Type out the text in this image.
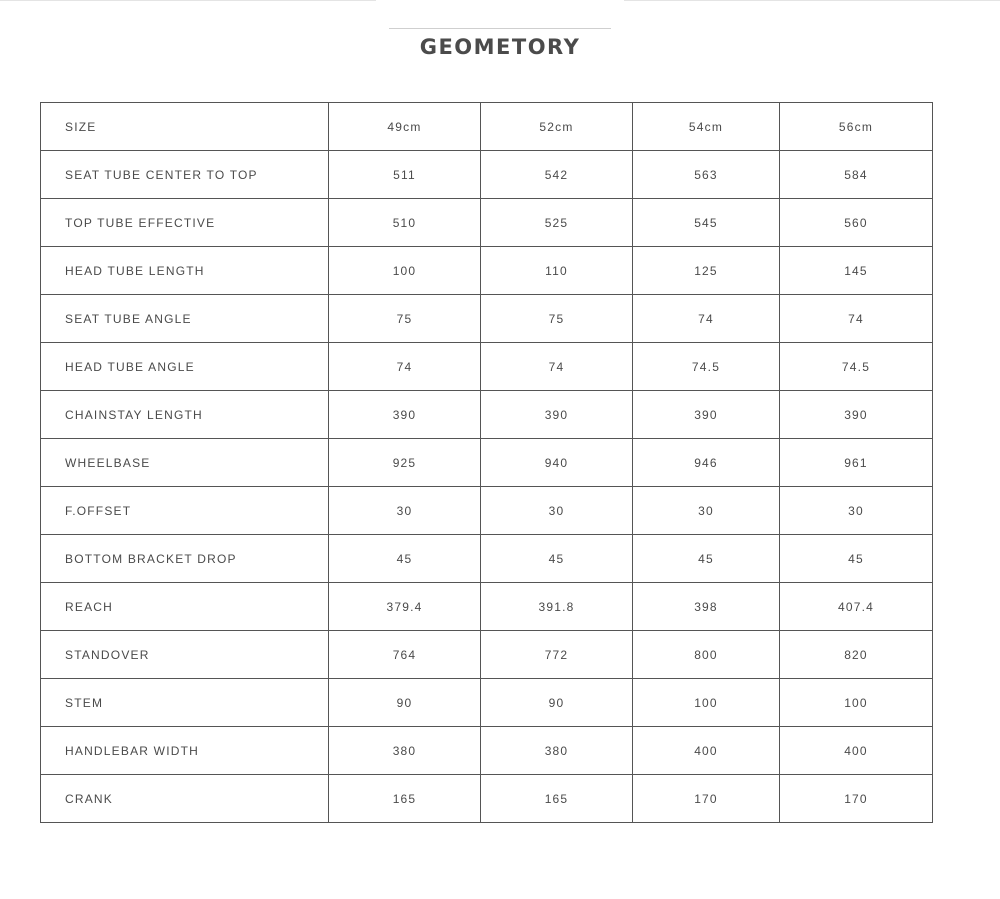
GEOMETORY
SIZE	49cm	52cm	54cm	56cm
SEAT TUBE CENTER TO TOP	511	542	563	584
TOP TUBE EFFECTIVE	510	525	545	560
HEAD TUBE LENGTH	100	110	125	145
SEAT TUBE ANGLE	75	75	74	74
HEAD TUBE ANGLE	74	74	74.5	74.5
CHAINSTAY LENGTH	390	390	390	390
WHEELBASE	925	940	946	961
F.OFFSET	30	30	30	30
BOTTOM BRACKET DROP	45	45	45	45
REACH	379.4	391.8	398	407.4
STANDOVER	764	772	800	820
STEM	90	90	100	100
HANDLEBAR WIDTH	380	380	400	400
CRANK	165	165	170	170
